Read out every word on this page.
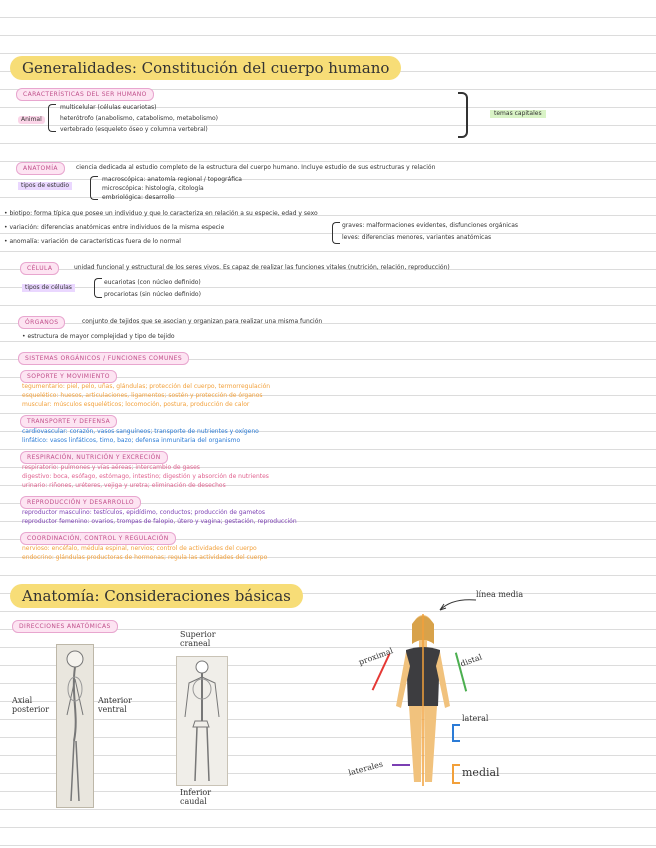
Generalidades: Constitución del cuerpo humano
CARACTERÍSTICAS DEL SER HUMANO
Animal
multicelular (células eucariotas)
heterótrofo (anabolismo, catabolismo, metabolismo)
vertebrado (esqueleto óseo y columna vertebral)
temas capitales
ANATOMÍA	ciencia dedicada al estudio completo de la estructura del cuerpo humano. Incluye estudio de sus estructuras y relación
tipos de estudio
macroscópica: anatomía regional / topográfica
microscópica: histología, citología
embriológica: desarrollo
• biotipo: forma típica que posee un individuo y que lo caracteriza en relación a su especie, edad y sexo
• variación: diferencias anatómicas entre individuos de la misma especie
• anomalía: variación de características fuera de lo normal
graves: malformaciones evidentes, disfunciones orgánicas
leves: diferencias menores, variantes anatómicas
CÉLULA	unidad funcional y estructural de los seres vivos. Es capaz de realizar las funciones vitales (nutrición, relación, reproducción)
tipos de células
eucariotas (con núcleo definido)
procariotas (sin núcleo definido)
ÓRGANOS	conjunto de tejidos que se asocian y organizan para realizar una misma función
• estructura de mayor complejidad y tipo de tejido
SISTEMAS ORGÁNICOS / FUNCIONES COMUNES
SOPORTE Y MOVIMIENTO
tegumentario: piel, pelo, uñas, glándulas; protección del cuerpo, termorregulación
esquelético: huesos, articulaciones, ligamentos; sostén y protección de órganos
muscular: músculos esqueléticos; locomoción, postura, producción de calor
TRANSPORTE Y DEFENSA
cardiovascular: corazón, vasos sanguíneos; transporte de nutrientes y oxígeno
linfático: vasos linfáticos, timo, bazo; defensa inmunitaria del organismo
RESPIRACIÓN, NUTRICIÓN Y EXCRECIÓN
respiratorio: pulmones y vías aéreas; intercambio de gases
digestivo: boca, esófago, estómago, intestino; digestión y absorción de nutrientes
urinario: riñones, uréteres, vejiga y uretra; eliminación de desechos
REPRODUCCIÓN Y DESARROLLO
reproductor masculino: testículos, epidídimo, conductos; producción de gametos
reproductor femenino: ovarios, trompas de falopio, útero y vagina; gestación, reproducción
COORDINACIÓN, CONTROL Y REGULACIÓN
nervioso: encéfalo, médula espinal, nervios; control de actividades del cuerpo
endocrino: glándulas productoras de hormonas; regula las actividades del cuerpo
Anatomía: Consideraciones básicas
DIRECCIONES ANATÓMICAS
Axial
posterior
Anterior
ventral
Superior
craneal
Inferior
caudal
línea media
proximal	distal
lateral
laterales	medial
